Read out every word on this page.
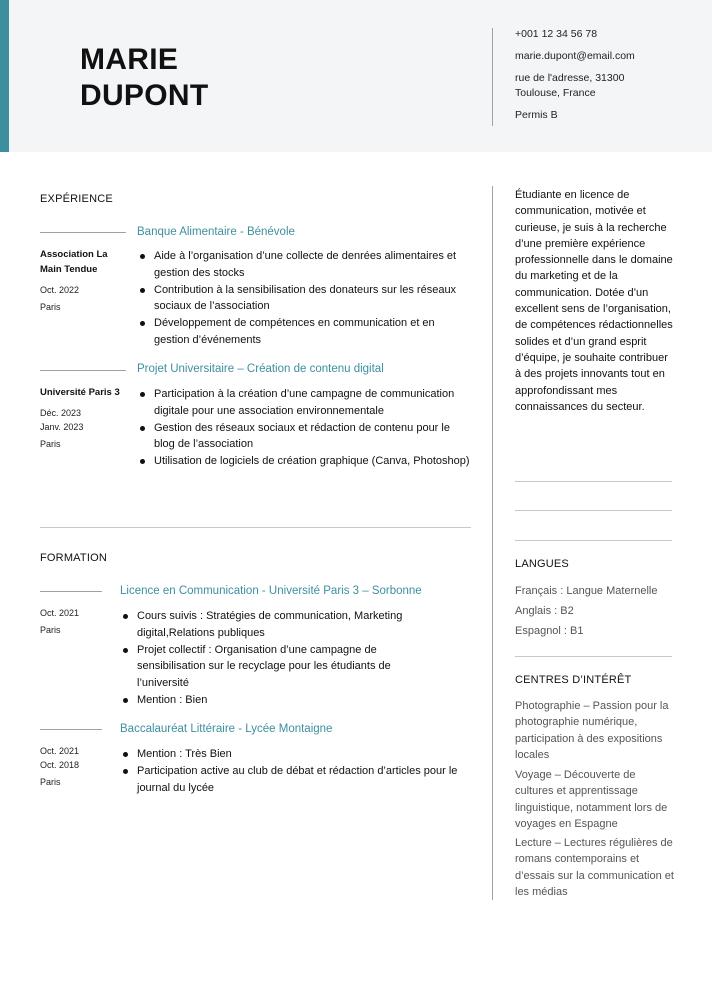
MARIE
DUPONT
+001 12 34 56 78
marie.dupont@email.com
rue de l'adresse, 31300
Toulouse, France
Permis B
EXPÉRIENCE
Banque Alimentaire - Bénévole
Association La Main Tendue
Oct. 2022
Paris
Aide à l’organisation d’une collecte de denrées alimentaires et gestion des stocks
Contribution à la sensibilisation des donateurs sur les réseaux sociaux de l’association
Développement de compétences en communication et en gestion d’événements
Projet Universitaire – Création de contenu digital
Université Paris 3
Déc. 2023
Janv. 2023
Paris
Participation à la création d’une campagne de communication digitale pour une association environnementale
Gestion des réseaux sociaux et rédaction de contenu pour le blog de l’association
Utilisation de logiciels de création graphique (Canva, Photoshop)
FORMATION
Licence en Communication - Université Paris 3 – Sorbonne
Oct. 2021
Paris
Cours suivis : Stratégies de communication, Marketing digital,Relations publiques
Projet collectif : Organisation d’une campagne de sensibilisation sur le recyclage pour les étudiants de l’université
Mention : Bien
Baccalauréat Littéraire - Lycée Montaigne
Oct. 2021
Oct. 2018
Paris
Mention : Très Bien
Participation active au club de débat et rédaction d’articles pour le journal du lycée
Étudiante en licence de communication, motivée et curieuse, je suis à la recherche d’une première expérience professionnelle dans le domaine du marketing et de la communication. Dotée d’un excellent sens de l’organisation, de compétences rédactionnelles solides et d’un grand esprit d’équipe, je souhaite contribuer à des projets innovants tout en approfondissant mes connaissances du secteur.
LANGUES
Français : Langue Maternelle
Anglais : B2
Espagnol : B1
CENTRES D’INTÉRÊT
Photographie – Passion pour la photographie numérique, participation à des expositions locales
Voyage – Découverte de cultures et apprentissage linguistique, notamment lors de voyages en Espagne
Lecture – Lectures régulières de romans contemporains et d’essais sur la communication et les médias
